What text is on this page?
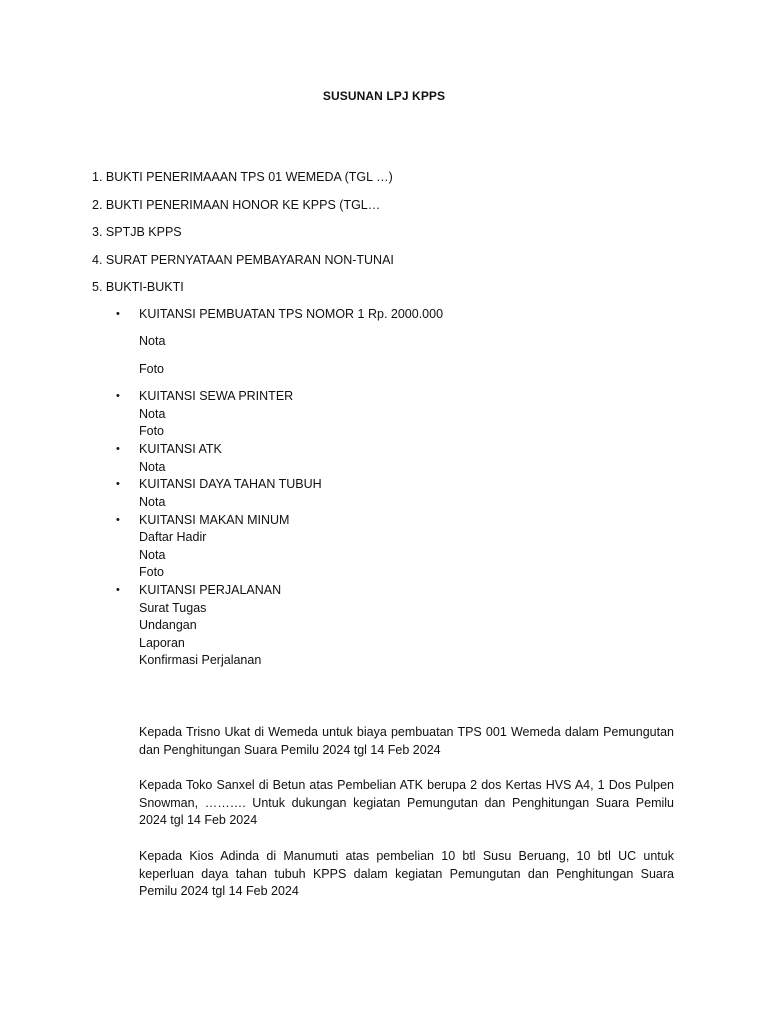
SUSUNAN LPJ KPPS
1. BUKTI PENERIMAAAN TPS 01 WEMEDA (TGL …)
2. BUKTI PENERIMAAN HONOR KE KPPS (TGL…
3. SPTJB KPPS
4. SURAT PERNYATAAN PEMBAYARAN NON-TUNAI
5. BUKTI-BUKTI
• KUITANSI PEMBUATAN TPS NOMOR 1 Rp. 2000.000
Nota
Foto
• KUITANSI SEWA PRINTER
Nota
Foto
• KUITANSI ATK
Nota
• KUITANSI DAYA TAHAN TUBUH
Nota
• KUITANSI MAKAN MINUM
Daftar Hadir
Nota
Foto
• KUITANSI PERJALANAN
Surat Tugas
Undangan
Laporan
Konfirmasi Perjalanan
Kepada Trisno Ukat di Wemeda untuk biaya pembuatan TPS 001 Wemeda dalam Pemungutan dan Penghitungan Suara Pemilu 2024 tgl 14 Feb 2024
Kepada Toko Sanxel di Betun atas Pembelian ATK berupa 2 dos Kertas HVS A4, 1 Dos Pulpen Snowman, ………. Untuk dukungan kegiatan Pemungutan dan Penghitungan Suara Pemilu 2024 tgl 14 Feb 2024
Kepada Kios Adinda di Manumuti atas pembelian 10 btl Susu Beruang, 10 btl UC untuk keperluan daya tahan tubuh KPPS dalam kegiatan Pemungutan dan Penghitungan Suara Pemilu 2024 tgl 14 Feb 2024
